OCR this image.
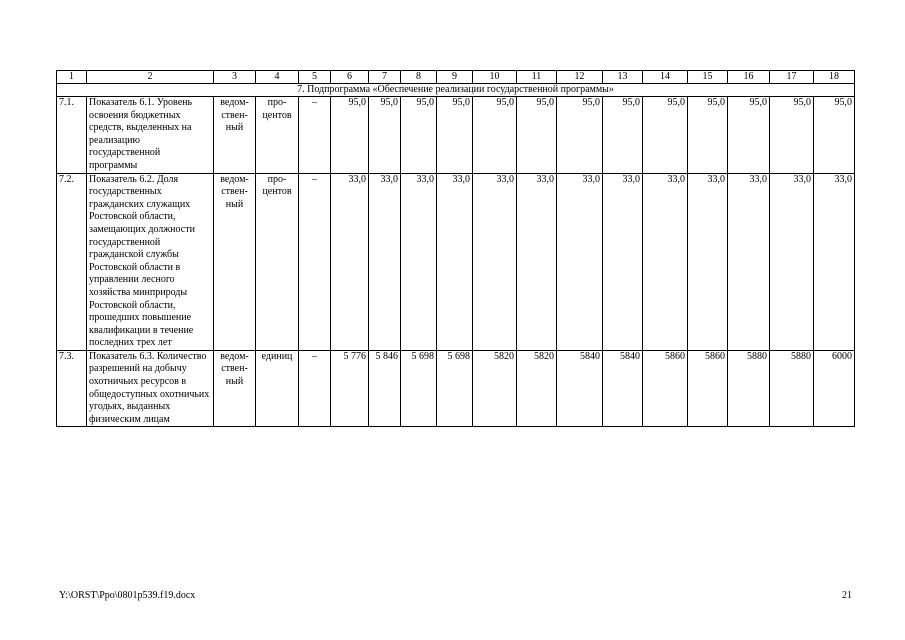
1	2	3	4	5	6	7	8	9	10	11	12	13	14	15	16	17	18
7. Подпрограмма «Обеспечение реализации государственной программы»																	
7.1.	Показатель 6.1. Уровень освоения бюджетных средств, выделенных на реализацию государственной программы	ведом-ствен-ный	про-центов	–	95,0	95,0	95,0	95,0	95,0	95,0	95,0	95,0	95,0	95,0	95,0	95,0	95,0
7.2.	Показатель 6.2. Доля государственных гражданских служащих Ростовской области, замещающих должности государственной гражданской службы Ростовской области в управлении лесного хозяйства минприроды Ростовской области, прошедших повышение квалификации в течение последних трех лет	ведом-ствен-ный	про-центов	–	33,0	33,0	33,0	33,0	33,0	33,0	33,0	33,0	33,0	33,0	33,0	33,0	33,0
7.3.	Показатель 6.3. Количество разрешений на добычу охотничьих ресурсов в общедоступных охотничьих угодьях, выданных физическим лицам	ведом-ствен-ный	единиц	–	5 776	5 846	5 698	5 698	5820	5820	5840	5840	5860	5860	5880	5880	6000
Y:\ORST\Ppo\0801p539.f19.docx	21
